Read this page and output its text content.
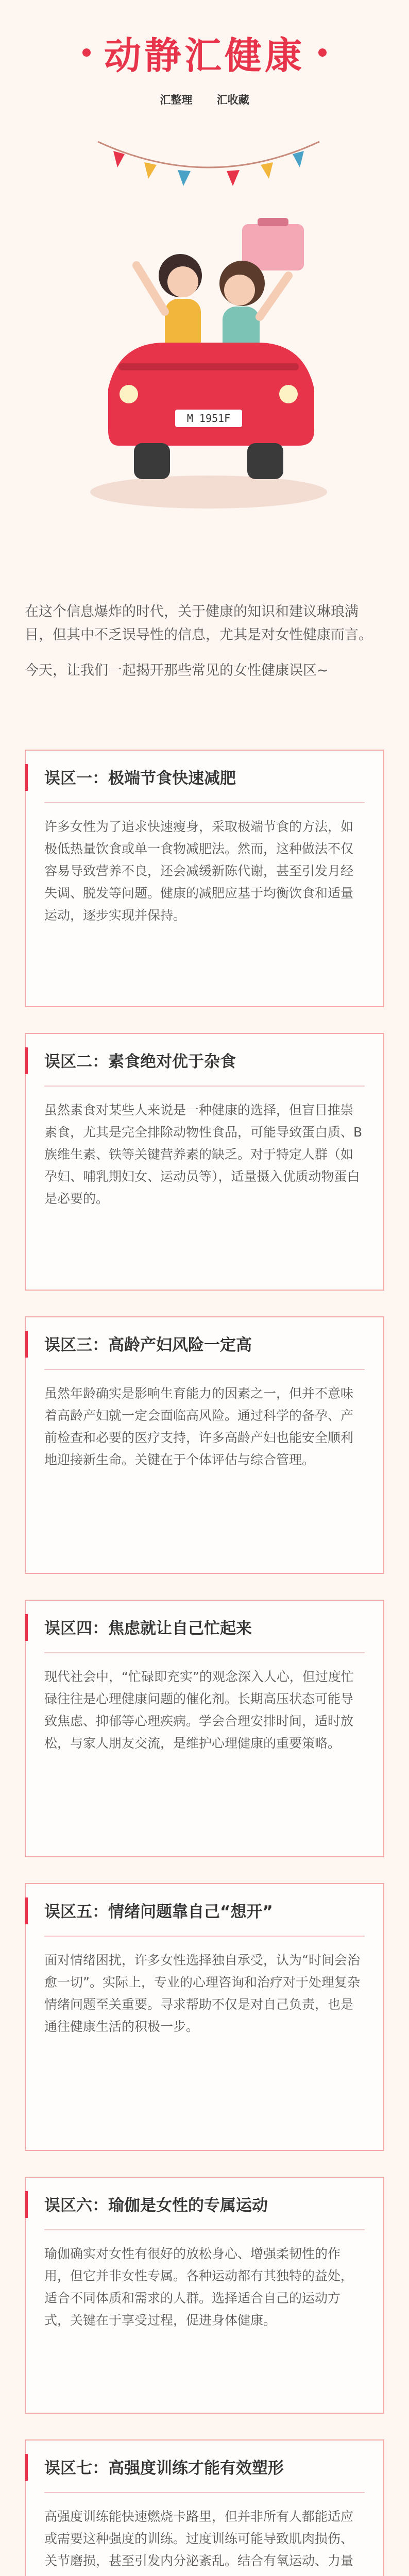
动静汇健康
汇整理 汇收藏
M 1951F

在这个信息爆炸的时代，关于健康的知识和建议琳琅满目，但其中不乏误导性的信息，尤其是对女性健康而言。

今天，让我们一起揭开那些常见的女性健康误区~

误区一：极端节食快速减肥

许多女性为了追求快速瘦身，采取极端节食的方法，如极低热量饮食或单一食物减肥法。然而，这种做法不仅容易导致营养不良，还会减缓新陈代谢，甚至引发月经失调、脱发等问题。健康的减肥应基于均衡饮食和适量运动，逐步实现并保持。

误区二：素食绝对优于杂食

虽然素食对某些人来说是一种健康的选择，但盲目推崇素食，尤其是完全排除动物性食品，可能导致蛋白质、B族维生素、铁等关键营养素的缺乏。对于特定人群（如孕妇、哺乳期妇女、运动员等），适量摄入优质动物蛋白是必要的。

误区三：高龄产妇风险一定高

虽然年龄确实是影响生育能力的因素之一，但并不意味着高龄产妇就一定会面临高风险。通过科学的备孕、产前检查和必要的医疗支持，许多高龄产妇也能安全顺利地迎接新生命。关键在于个体评估与综合管理。

误区四：焦虑就让自己忙起来

现代社会中，“忙碌即充实”的观念深入人心，但过度忙碌往往是心理健康问题的催化剂。长期高压状态可能导致焦虑、抑郁等心理疾病。学会合理安排时间，适时放松，与家人朋友交流，是维护心理健康的重要策略。

误区五：情绪问题靠自己“想开”

面对情绪困扰，许多女性选择独自承受，认为“时间会治愈一切”。实际上，专业的心理咨询和治疗对于处理复杂情绪问题至关重要。寻求帮助不仅是对自己负责，也是通往健康生活的积极一步。

误区六：瑜伽是女性的专属运动

瑜伽确实对女性有很好的放松身心、增强柔韧性的作用，但它并非女性专属。各种运动都有其独特的益处，适合不同体质和需求的人群。选择适合自己的运动方式，关键在于享受过程，促进身体健康。

误区七：高强度训练才能有效塑形

高强度训练能快速燃烧卡路里，但并非所有人都能适应或需要这种强度的训练。过度训练可能导致肌肉损伤、关节磨损，甚至引发内分泌紊乱。结合有氧运动、力量
